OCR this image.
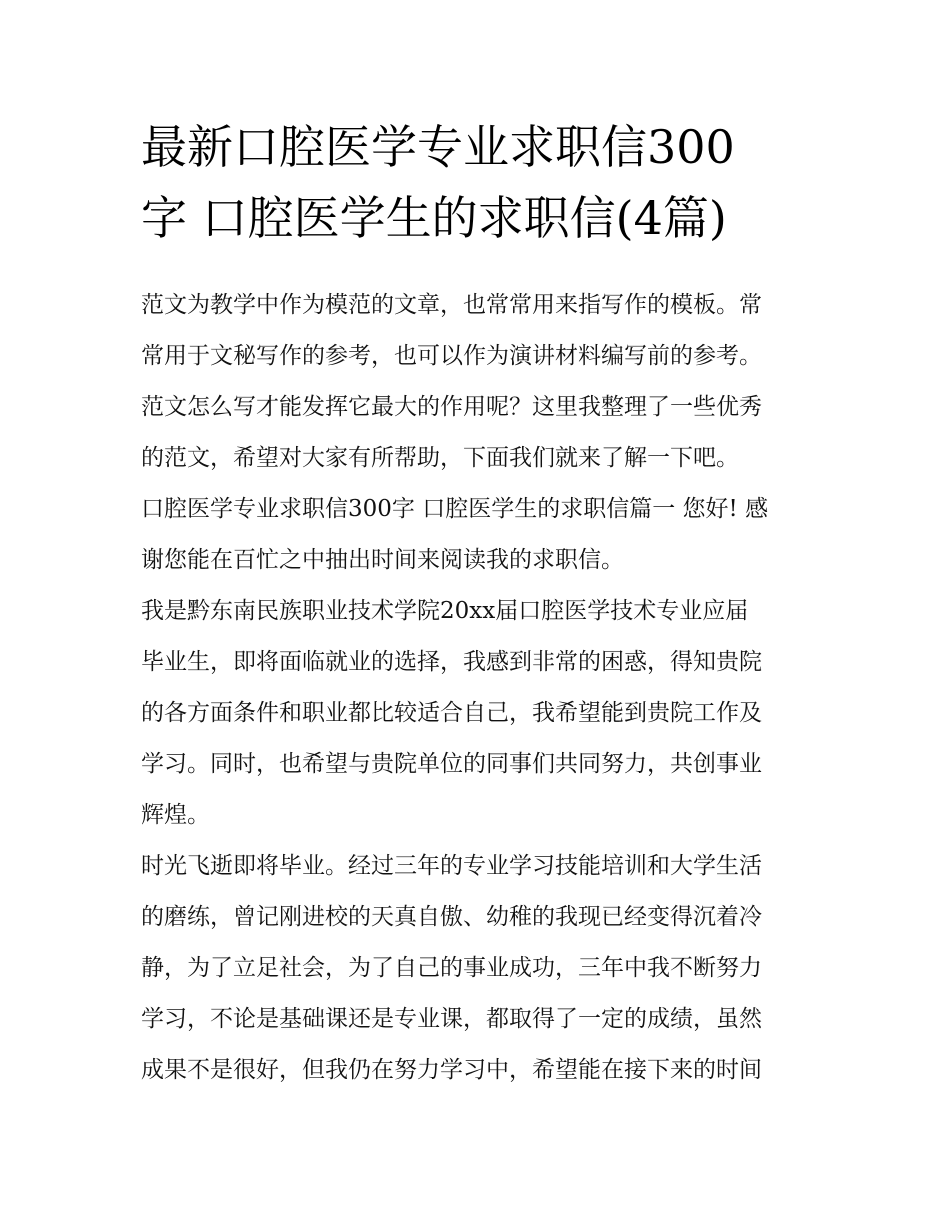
最新口腔医学专业求职信300
字 口腔医学生的求职信(4篇)

范文为教学中作为模范的文章，也常常用来指写作的模板。常
常用于文秘写作的参考，也可以作为演讲材料编写前的参考。
范文怎么写才能发挥它最大的作用呢？这里我整理了一些优秀
的范文，希望对大家有所帮助，下面我们就来了解一下吧。

口腔医学专业求职信300字 口腔医学生的求职信篇一 您好! 感
谢您能在百忙之中抽出时间来阅读我的求职信。

我是黔东南民族职业技术学院20xx届口腔医学技术专业应届
毕业生，即将面临就业的选择，我感到非常的困惑，得知贵院
的各方面条件和职业都比较适合自己，我希望能到贵院工作及
学习。同时，也希望与贵院单位的同事们共同努力，共创事业
辉煌。

时光飞逝即将毕业。经过三年的专业学习技能培训和大学生活
的磨练，曾记刚进校的天真自傲、幼稚的我现已经变得沉着冷
静，为了立足社会，为了自己的事业成功，三年中我不断努力
学习，不论是基础课还是专业课，都取得了一定的成绩，虽然
成果不是很好，但我仍在努力学习中，希望能在接下来的时间
